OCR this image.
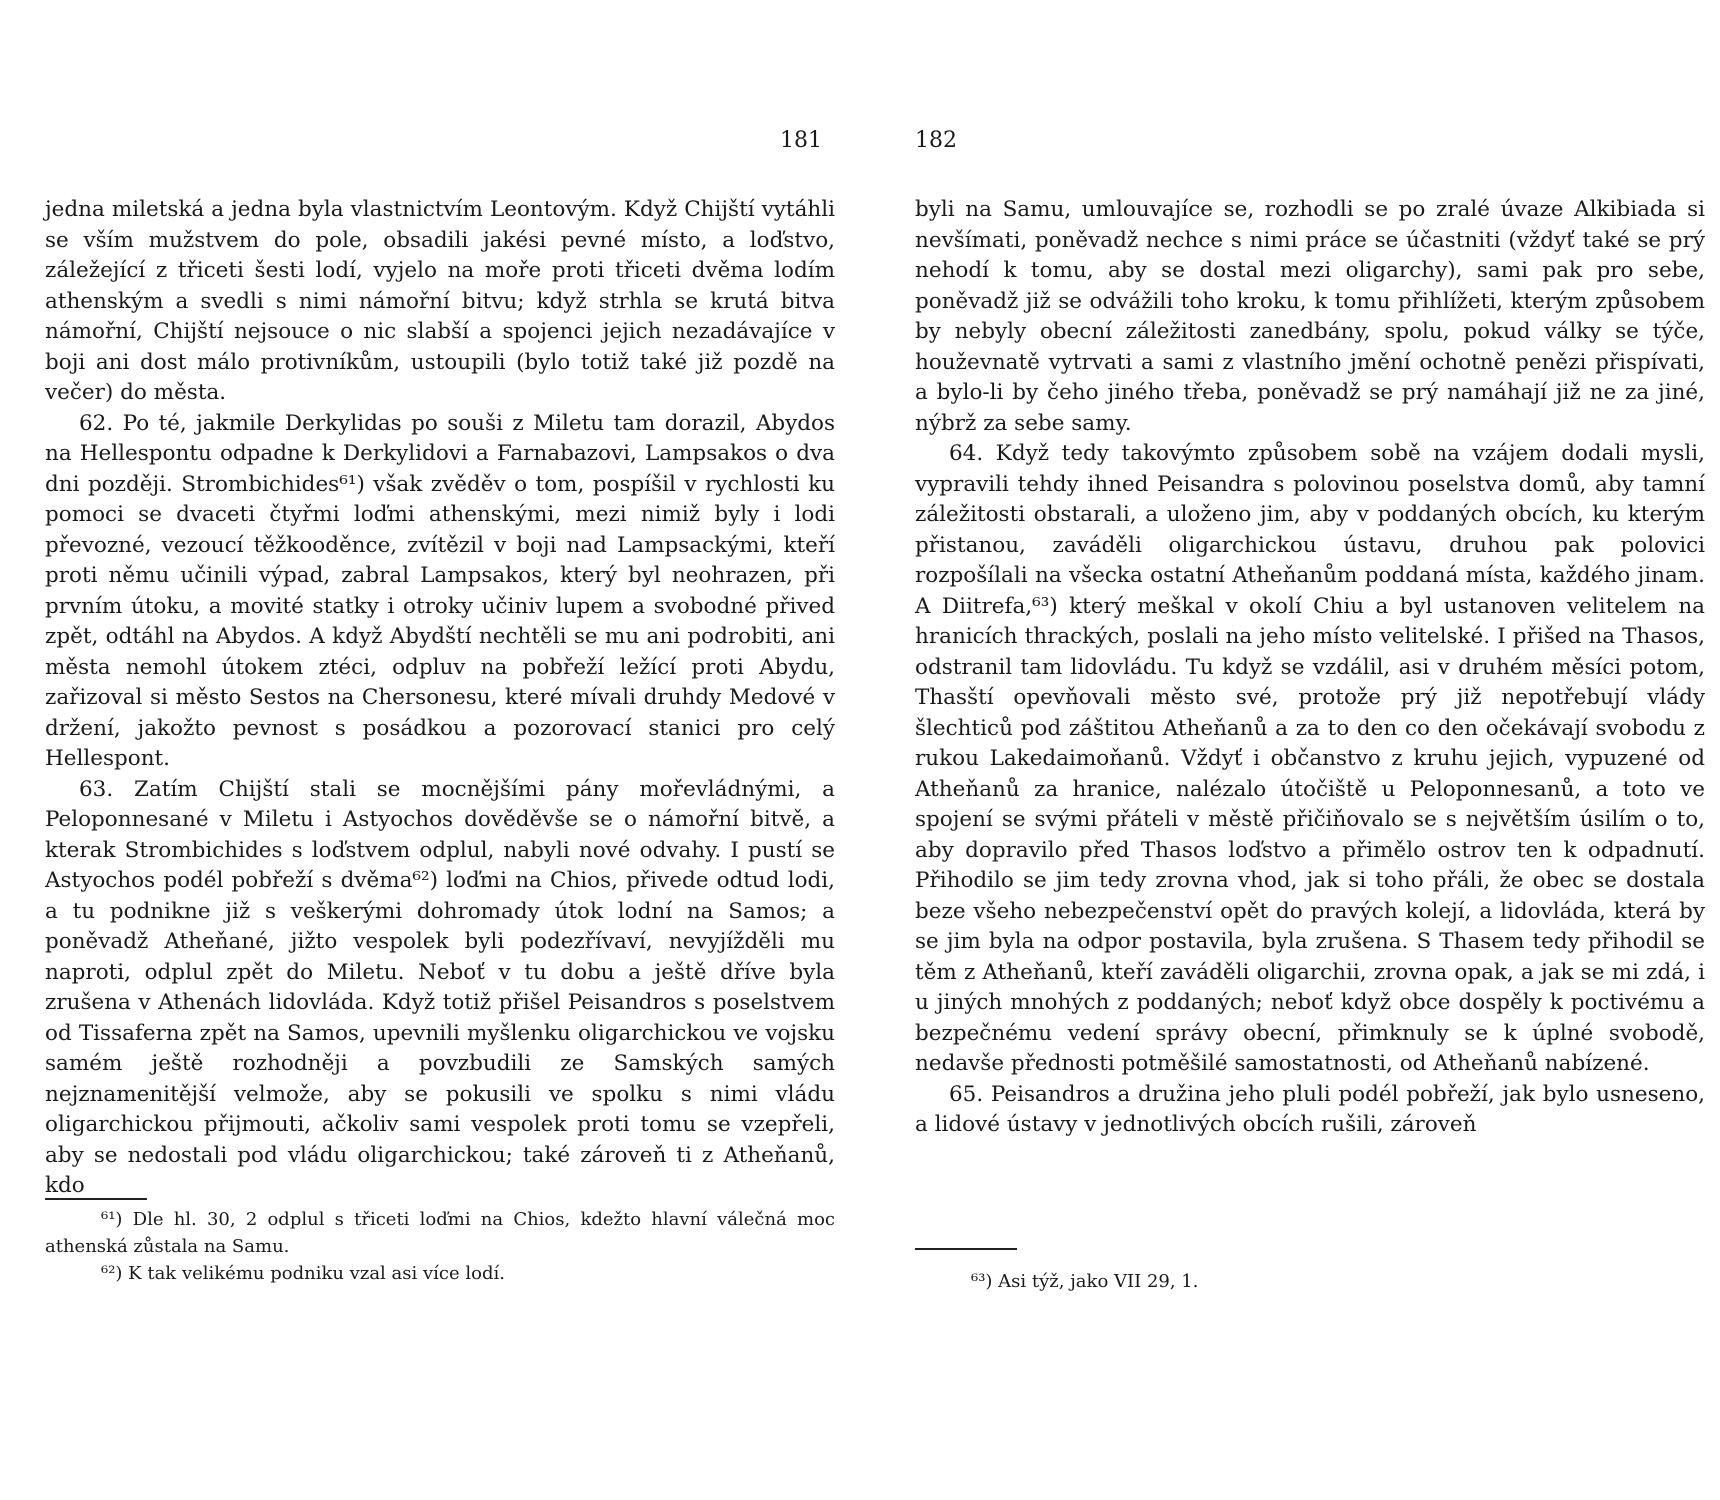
181

jedna miletská a jedna byla vlastnictvím Leontovým. Když Chijští vytáhli se vším mužstvem do pole, obsadili jakési pevné místo, a loďstvo, záležející z třiceti šesti lodí, vyjelo na moře proti třiceti dvěma lodím athenským a svedli s nimi námořní bitvu; když strhla se krutá bitva námořní, Chijští nejsouce o nic slabší a spojenci jejich nezadávajíce v boji ani dost málo protivníkům, ustoupili (bylo totiž také již pozdě na večer) do města.

62. Po té, jakmile Derkylidas po souši z Miletu tam dorazil, Abydos na Hellespontu odpadne k Derkylidovi a Farnabazovi, Lampsakos o dva dni později. Strombichides⁶¹) však zvěděv o tom, pospíšil v rychlosti ku pomoci se dvaceti čtyřmi loďmi athenskými, mezi nimiž byly i lodi převozné, vezoucí těžkooděnce, zvítězil v boji nad Lampsackými, kteří proti němu učinili výpad, zabral Lampsakos, který byl neohrazen, při prvním útoku, a movité statky i otroky učiniv lupem a svobodné přived zpět, odtáhl na Abydos. A když Abydští nechtěli se mu ani podrobiti, ani města nemohl útokem ztéci, odpluv na pobřeží ležící proti Abydu, zařizoval si město Sestos na Chersonesu, které mívali druhdy Medové v držení, jakožto pevnost s posádkou a pozorovací stanici pro celý Hellespont.

63. Zatím Chijští stali se mocnějšími pány mořevládnými, a Peloponnesané v Miletu i Astyochos dověděvše se o námořní bitvě, a kterak Strombichides s loďstvem odplul, nabyli nové odvahy. I pustí se Astyochos podél pobřeží s dvěma⁶²) loďmi na Chios, přivede odtud lodi, a tu podnikne již s veškerými dohromady útok lodní na Samos; a poněvadž Atheňané, jižto vespolek byli podezřívaví, nevyjížděli mu naproti, odplul zpět do Miletu. Neboť v tu dobu a ještě dříve byla zrušena v Athenách lidovláda. Když totiž přišel Peisandros s poselstvem od Tissaferna zpět na Samos, upevnili myšlenku oligarchickou ve vojsku samém ještě rozhodněji a povzbudili ze Samských samých nejznamenitější velmože, aby se pokusili ve spolku s nimi vládu oligarchickou přijmouti, ačkoliv sami vespolek proti tomu se vzepřeli, aby se nedostali pod vládu oligarchickou; také zároveň ti z Atheňanů, kdo

⁶¹) Dle hl. 30, 2 odplul s třiceti loďmi na Chios, kdežto hlavní válečná moc athenská zůstala na Samu.

⁶²) K tak velikému podniku vzal asi více lodí.

182

byli na Samu, umlouvajíce se, rozhodli se po zralé úvaze Alkibiada si nevšímati, poněvadž nechce s nimi práce se účastniti (vždyť také se prý nehodí k tomu, aby se dostal mezi oligarchy), sami pak pro sebe, poněvadž již se odvážili toho kroku, k tomu přihlížeti, kterým způsobem by nebyly obecní záležitosti zanedbány, spolu, pokud války se týče, houževnatě vytrvati a sami z vlastního jmění ochotně penězi přispívati, a bylo-li by čeho jiného třeba, poněvadž se prý namáhají již ne za jiné, nýbrž za sebe samy.

64. Když tedy takovýmto způsobem sobě na vzájem dodali mysli, vypravili tehdy ihned Peisandra s polovinou poselstva domů, aby tamní záležitosti obstarali, a uloženo jim, aby v poddaných obcích, ku kterým přistanou, zaváděli oligarchickou ústavu, druhou pak polovici rozpošílali na všecka ostatní Atheňanům poddaná místa, každého jinam. A Diitrefa,⁶³) který meškal v okolí Chiu a byl ustanoven velitelem na hranicích thrackých, poslali na jeho místo velitelské. I přišed na Thasos, odstranil tam lidovládu. Tu když se vzdálil, asi v druhém měsíci potom, Thasští opevňovali město své, protože prý již nepotřebují vlády šlechticů pod záštitou Atheňanů a za to den co den očekávají svobodu z rukou Lakedaimoňanů. Vždyť i občanstvo z kruhu jejich, vypuzené od Atheňanů za hranice, nalézalo útočiště u Peloponnesanů, a toto ve spojení se svými přáteli v městě přičiňovalo se s největším úsilím o to, aby dopravilo před Thasos loďstvo a přimělo ostrov ten k odpadnutí. Přihodilo se jim tedy zrovna vhod, jak si toho přáli, že obec se dostala beze všeho nebezpečenství opět do pravých kolejí, a lidovláda, která by se jim byla na odpor postavila, byla zrušena. S Thasem tedy přihodil se těm z Atheňanů, kteří zaváděli oligarchii, zrovna opak, a jak se mi zdá, i u jiných mnohých z poddaných; neboť když obce dospěly k poctivému a bezpečnému vedení správy obecní, přimknuly se k úplné svobodě, nedavše přednosti potměšilé samostatnosti, od Atheňanů nabízené.

65. Peisandros a družina jeho pluli podél pobřeží, jak bylo usneseno, a lidové ústavy v jednotlivých obcích rušili, zároveň

⁶³) Asi týž, jako VII 29, 1.
